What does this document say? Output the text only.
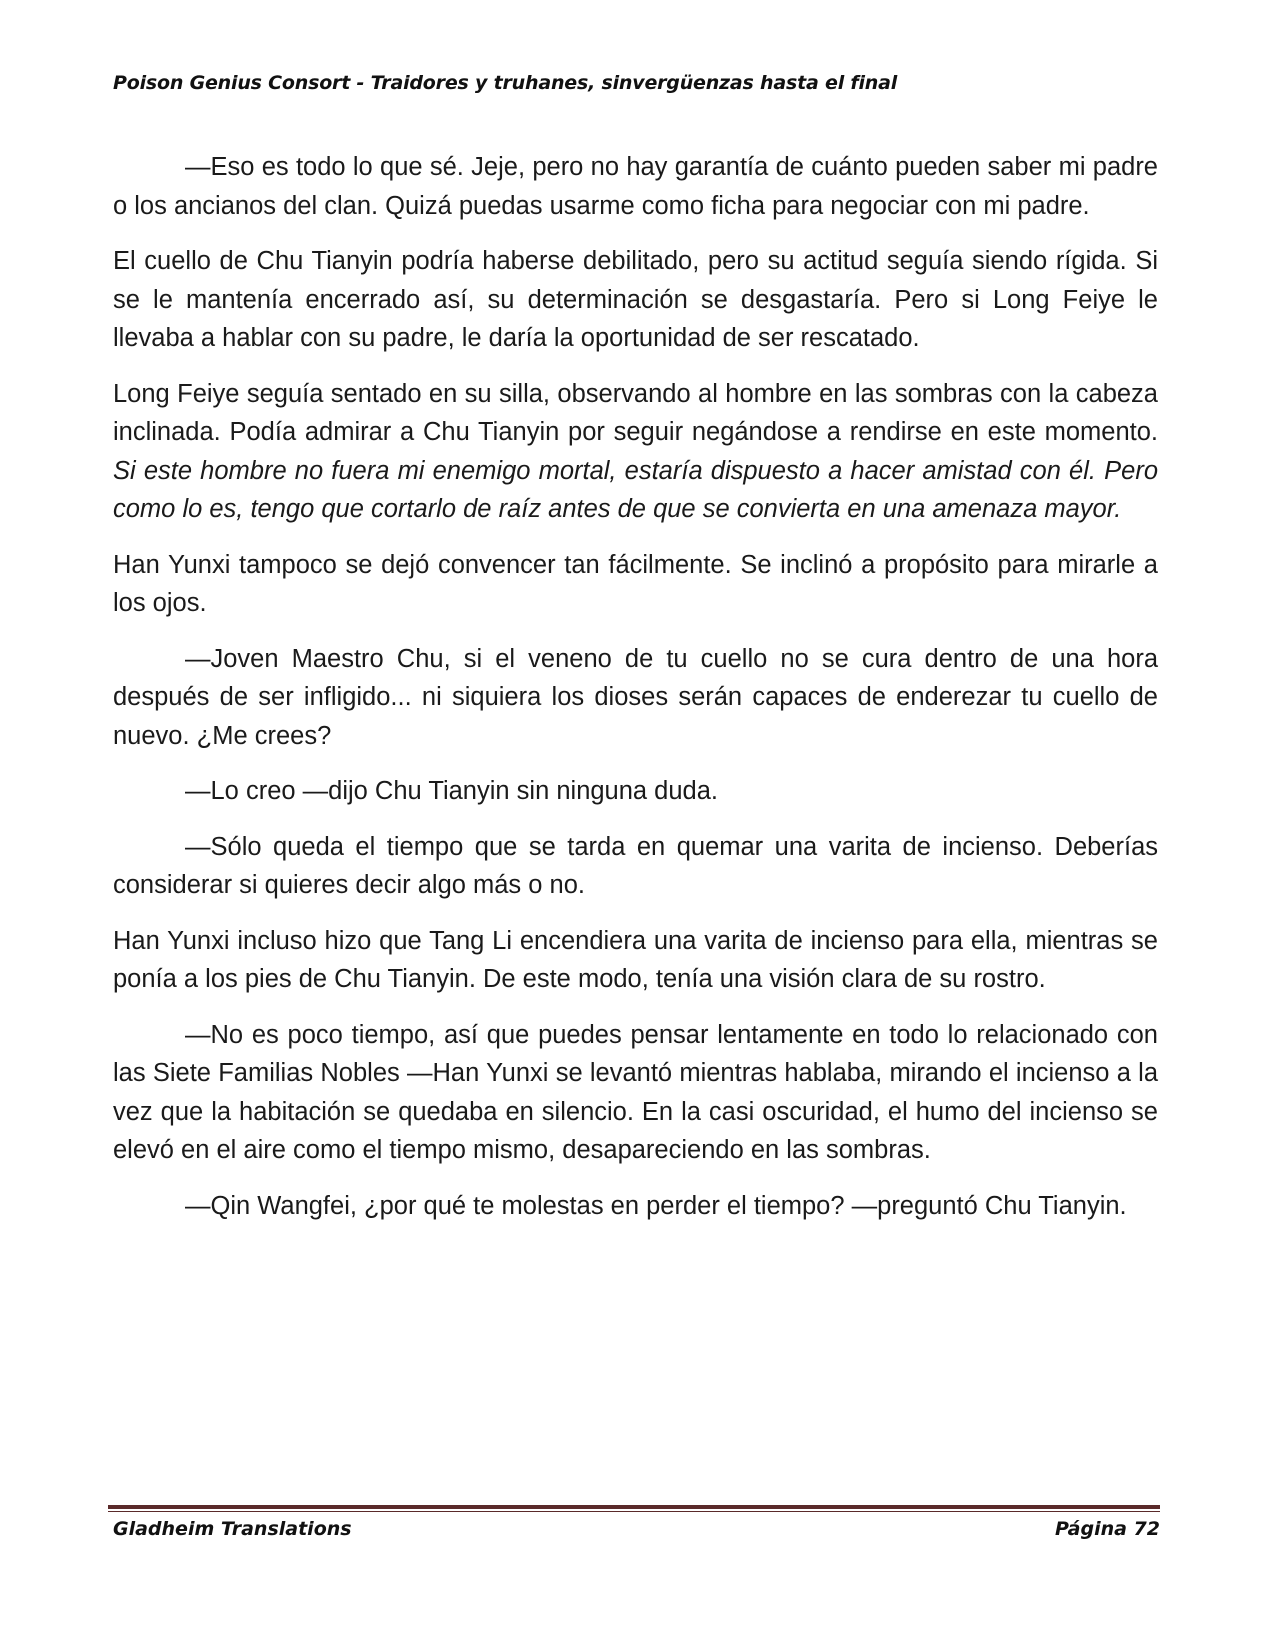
Poison Genius Consort - Traidores y truhanes, sinvergüenzas hasta el final

—Eso es todo lo que sé. Jeje, pero no hay garantía de cuánto pueden saber mi padre o los ancianos del clan. Quizá puedas usarme como ficha para negociar con mi padre.

El cuello de Chu Tianyin podría haberse debilitado, pero su actitud seguía siendo rígida. Si se le mantenía encerrado así, su determinación se desgastaría. Pero si Long Feiye le llevaba a hablar con su padre, le daría la oportunidad de ser rescatado.

Long Feiye seguía sentado en su silla, observando al hombre en las sombras con la cabeza inclinada. Podía admirar a Chu Tianyin por seguir negándose a rendirse en este momento. Si este hombre no fuera mi enemigo mortal, estaría dispuesto a hacer amistad con él. Pero como lo es, tengo que cortarlo de raíz antes de que se convierta en una amenaza mayor.

Han Yunxi tampoco se dejó convencer tan fácilmente. Se inclinó a propósito para mirarle a los ojos.

—Joven Maestro Chu, si el veneno de tu cuello no se cura dentro de una hora después de ser infligido... ni siquiera los dioses serán capaces de enderezar tu cuello de nuevo. ¿Me crees?

—Lo creo —dijo Chu Tianyin sin ninguna duda.

—Sólo queda el tiempo que se tarda en quemar una varita de incienso. Deberías considerar si quieres decir algo más o no.

Han Yunxi incluso hizo que Tang Li encendiera una varita de incienso para ella, mientras se ponía a los pies de Chu Tianyin. De este modo, tenía una visión clara de su rostro.

—No es poco tiempo, así que puedes pensar lentamente en todo lo relacionado con las Siete Familias Nobles —Han Yunxi se levantó mientras hablaba, mirando el incienso a la vez que la habitación se quedaba en silencio. En la casi oscuridad, el humo del incienso se elevó en el aire como el tiempo mismo, desapareciendo en las sombras.

—Qin Wangfei, ¿por qué te molestas en perder el tiempo? —preguntó Chu Tianyin.

Gladheim Translations	Página 72
